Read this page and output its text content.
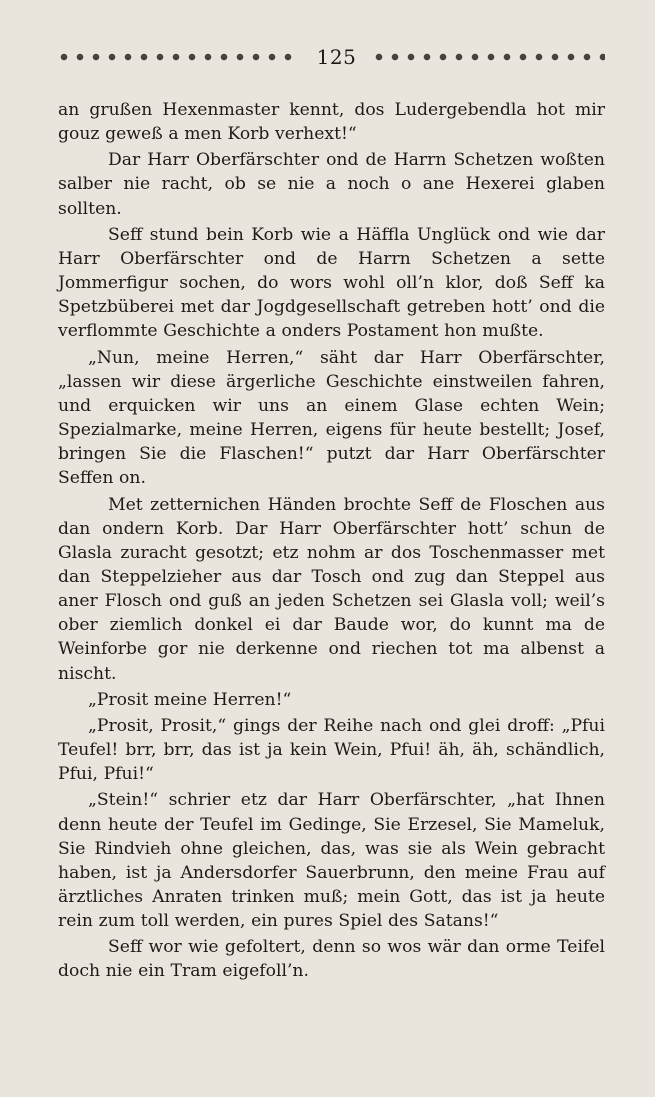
125

an grußen Hexenmaster kennt, dos Ludergebendla hot mir gouz geweß a men Korb verhext!“

Dar Harr Oberfärschter ond de Harrn Schetzen woßten salber nie racht, ob se nie a noch o ane Hexerei glaben sollten.

Seff stund bein Korb wie a Häffla Unglück ond wie dar Harr Oberfärschter ond de Harrn Schetzen a sette Jommerfigur sochen, do wors wohl oll’n klor, doß Seff ka Spetzbüberei met dar Jogdgesellschaft getreben hott’ ond die verflommte Geschichte a onders Postament hon mußte.

„Nun, meine Herren,“ säht dar Harr Oberfärschter, „lassen wir diese ärgerliche Geschichte einstweilen fahren, und erquicken wir uns an einem Glase echten Wein; Spezialmarke, meine Herren, eigens für heute bestellt; Josef, bringen Sie die Flaschen!“ putzt dar Harr Oberfärschter Seffen on.

Met zetternichen Händen brochte Seff de Floschen aus dan ondern Korb. Dar Harr Oberfärschter hott’ schun de Glasla zuracht gesotzt; etz nohm ar dos Toschenmasser met dan Steppelzieher aus dar Tosch ond zug dan Steppel aus aner Flosch ond guß an jeden Schetzen sei Glasla voll; weil’s ober ziemlich donkel ei dar Baude wor, do kunnt ma de Weinforbe gor nie derkenne ond riechen tot ma albenst a nischt.

„Prosit meine Herren!“

„Prosit, Prosit,“ gings der Reihe nach ond glei droff: „Pfui Teufel! brr, brr, das ist ja kein Wein, Pfui! äh, äh, schändlich, Pfui, Pfui!“

„Stein!“ schrier etz dar Harr Oberfärschter, „hat Ihnen denn heute der Teufel im Gedinge, Sie Erzesel, Sie Mameluk, Sie Rindvieh ohne gleichen, das, was sie als Wein gebracht haben, ist ja Andersdorfer Sauerbrunn, den meine Frau auf ärztliches Anraten trinken muß; mein Gott, das ist ja heute rein zum toll werden, ein pures Spiel des Satans!“

Seff wor wie gefoltert, denn so wos wär dan orme Teifel doch nie ein Tram eigefoll’n.
